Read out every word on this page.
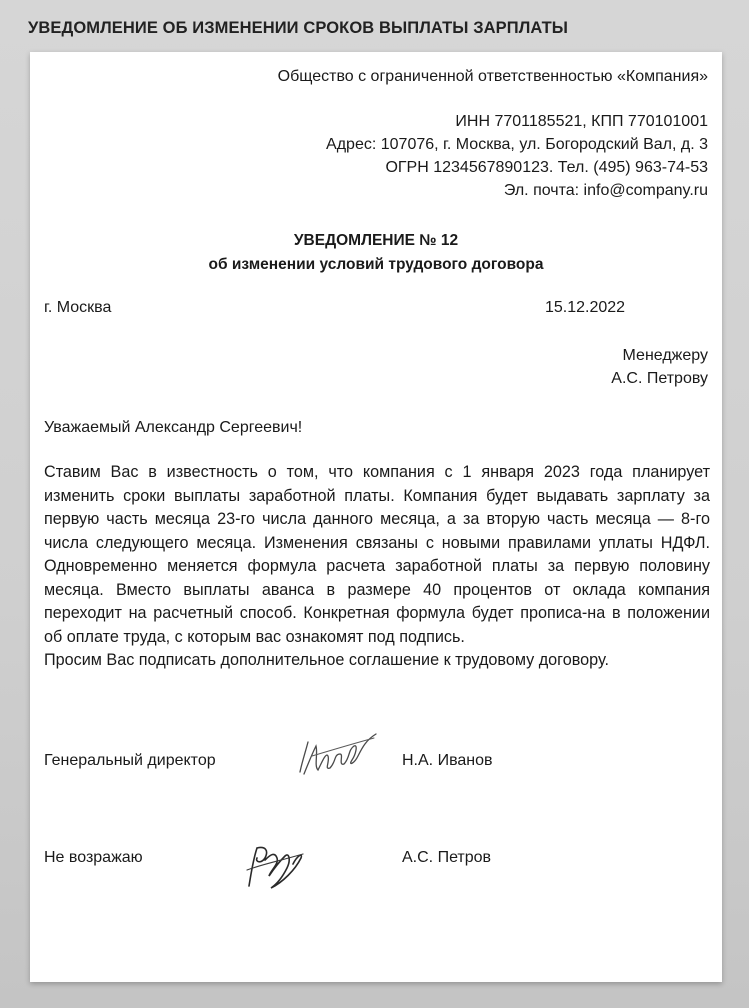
УВЕДОМЛЕНИЕ ОБ ИЗМЕНЕНИИ СРОКОВ ВЫПЛАТЫ ЗАРПЛАТЫ
Общество с ограниченной ответственностью «Компания»
ИНН 7701185521, КПП 770101001
Адрес: 107076, г. Москва, ул. Богородский Вал, д. 3
ОГРН 1234567890123. Тел. (495) 963-74-53
Эл. почта: info@company.ru
УВЕДОМЛЕНИЕ № 12
об изменении условий трудового договора
г. Москва	15.12.2022
Менеджеру
А.С. Петрову
Уважаемый Александр Сергеевич!

Ставим Вас в известность о том, что компания с 1 января 2023 года планирует изменить сроки выплаты заработной платы. Компания будет выдавать зарплату за первую часть месяца 23-го числа данного месяца, а за вторую часть месяца — 8-го числа следующего месяца. Изменения связаны с новыми правилами уплаты НДФЛ. Одновременно меняется формула расчета заработной платы за первую половину месяца. Вместо выплаты аванса в размере 40 процентов от оклада компания переходит на расчетный способ. Конкретная формула будет пропиcа-на в положении об оплате труда, с которым вас ознакомят под подпись.

Просим Вас подписать дополнительное соглашение к трудовому договору.

Генеральный директор	Н.А. Иванов
Не возражаю	А.С. Петров
